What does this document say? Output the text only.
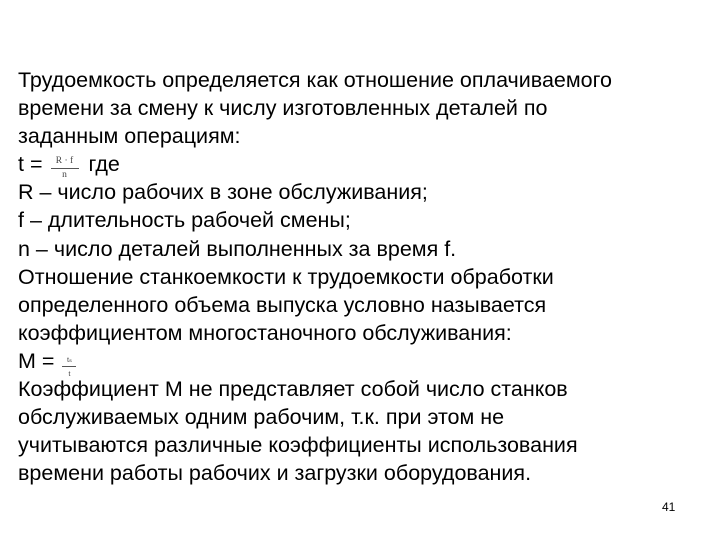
Трудоемкость определяется как отношение оплачиваемого
времени за смену к числу изготовленных деталей по
заданным операциям:
$t = \frac{R \cdot f}{n}$ где
R – число рабочих в зоне обслуживания;
f – длительность рабочей смены;
n – число деталей выполненных за время f.
Отношение станкоемкости к трудоемкости обработки
определенного объема выпуска условно называется
коэффициентом многостаночного обслуживания:
$M = \frac{\text{tₛ}}{t}$
Коэффициент М не представляет собой число станков
обслуживаемых одним рабочим, т.к. при этом не
учитываются различные коэффициенты использования
времени работы рабочих и загрузки оборудования.
41
